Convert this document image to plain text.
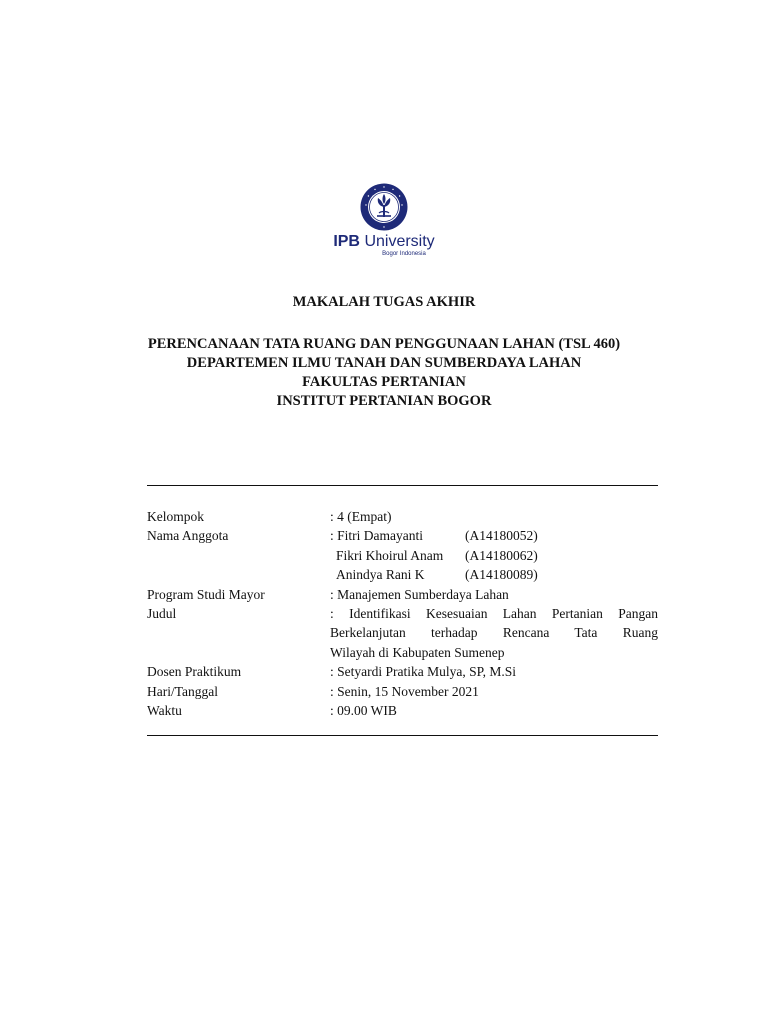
IPB University
Bogor Indonesia
MAKALAH TUGAS AKHIR
PERENCANAAN TATA RUANG DAN PENGGUNAAN LAHAN (TSL 460)
DEPARTEMEN ILMU TANAH DAN SUMBERDAYA LAHAN
FAKULTAS PERTANIAN
INSTITUT PERTANIAN BOGOR
Kelompok	: 4 (Empat)
Nama Anggota	: Fitri Damayanti	(A14180052)
Fikri Khoirul Anam	(A14180062)
Anindya Rani K	(A14180089)
Program Studi Mayor	: Manajemen Sumberdaya Lahan
Judul	: Identifikasi Kesesuaian Lahan Pertanian Pangan
Berkelanjutan terhadap Rencana Tata Ruang
Wilayah di Kabupaten Sumenep
Dosen Praktikum	: Setyardi Pratika Mulya, SP, M.Si
Hari/Tanggal	: Senin, 15 November 2021
Waktu	: 09.00 WIB
